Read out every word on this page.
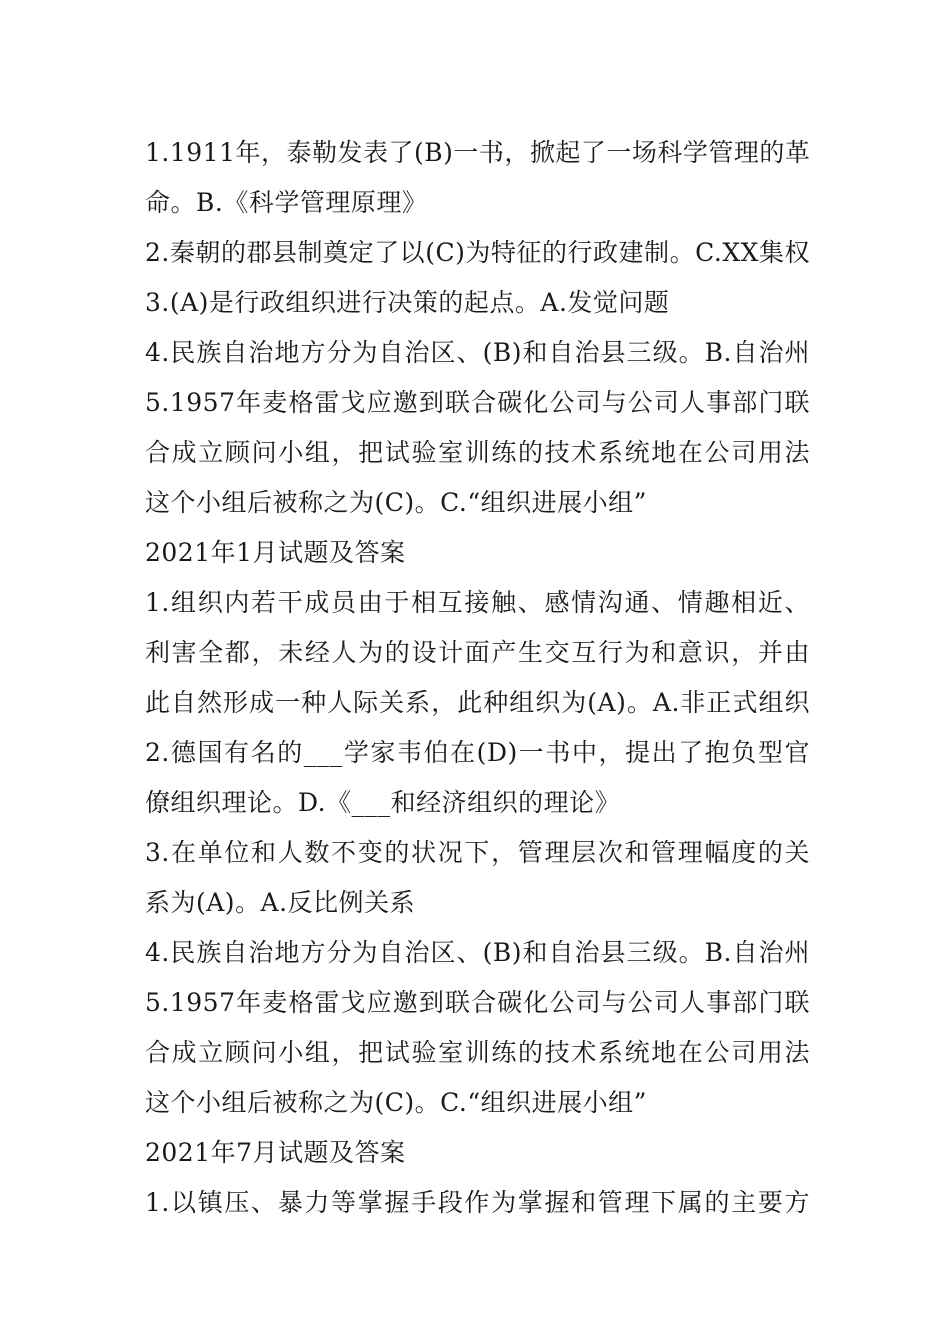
1.1911年，泰勒发表了(B)一书，掀起了一场科学管理的革
命。B.《科学管理原理》
2.秦朝的郡县制奠定了以(C)为特征的行政建制。C.XX集权
3.(A)是行政组织进行决策的起点。A.发觉问题
4.民族自治地方分为自治区、(B)和自治县三级。B.自治州
5.1957年麦格雷戈应邀到联合碳化公司与公司人事部门联
合成立顾问小组，把试验室训练的技术系统地在公司用法
这个小组后被称之为(C)。C.“组织进展小组”
2021年1月试题及答案
1.组织内若干成员由于相互接触、感情沟通、情趣相近、
利害全都，未经人为的设计面产生交互行为和意识，并由
此自然形成一种人际关系，此种组织为(A)。A.非正式组织
2.德国有名的___学家韦伯在(D)一书中，提出了抱负型官
僚组织理论。D.《___和经济组织的理论》
3.在单位和人数不变的状况下，管理层次和管理幅度的关
系为(A)。A.反比例关系
4.民族自治地方分为自治区、(B)和自治县三级。B.自治州
5.1957年麦格雷戈应邀到联合碳化公司与公司人事部门联
合成立顾问小组，把试验室训练的技术系统地在公司用法
这个小组后被称之为(C)。C.“组织进展小组”
2021年7月试题及答案
1.以镇压、暴力等掌握手段作为掌握和管理下属的主要方
